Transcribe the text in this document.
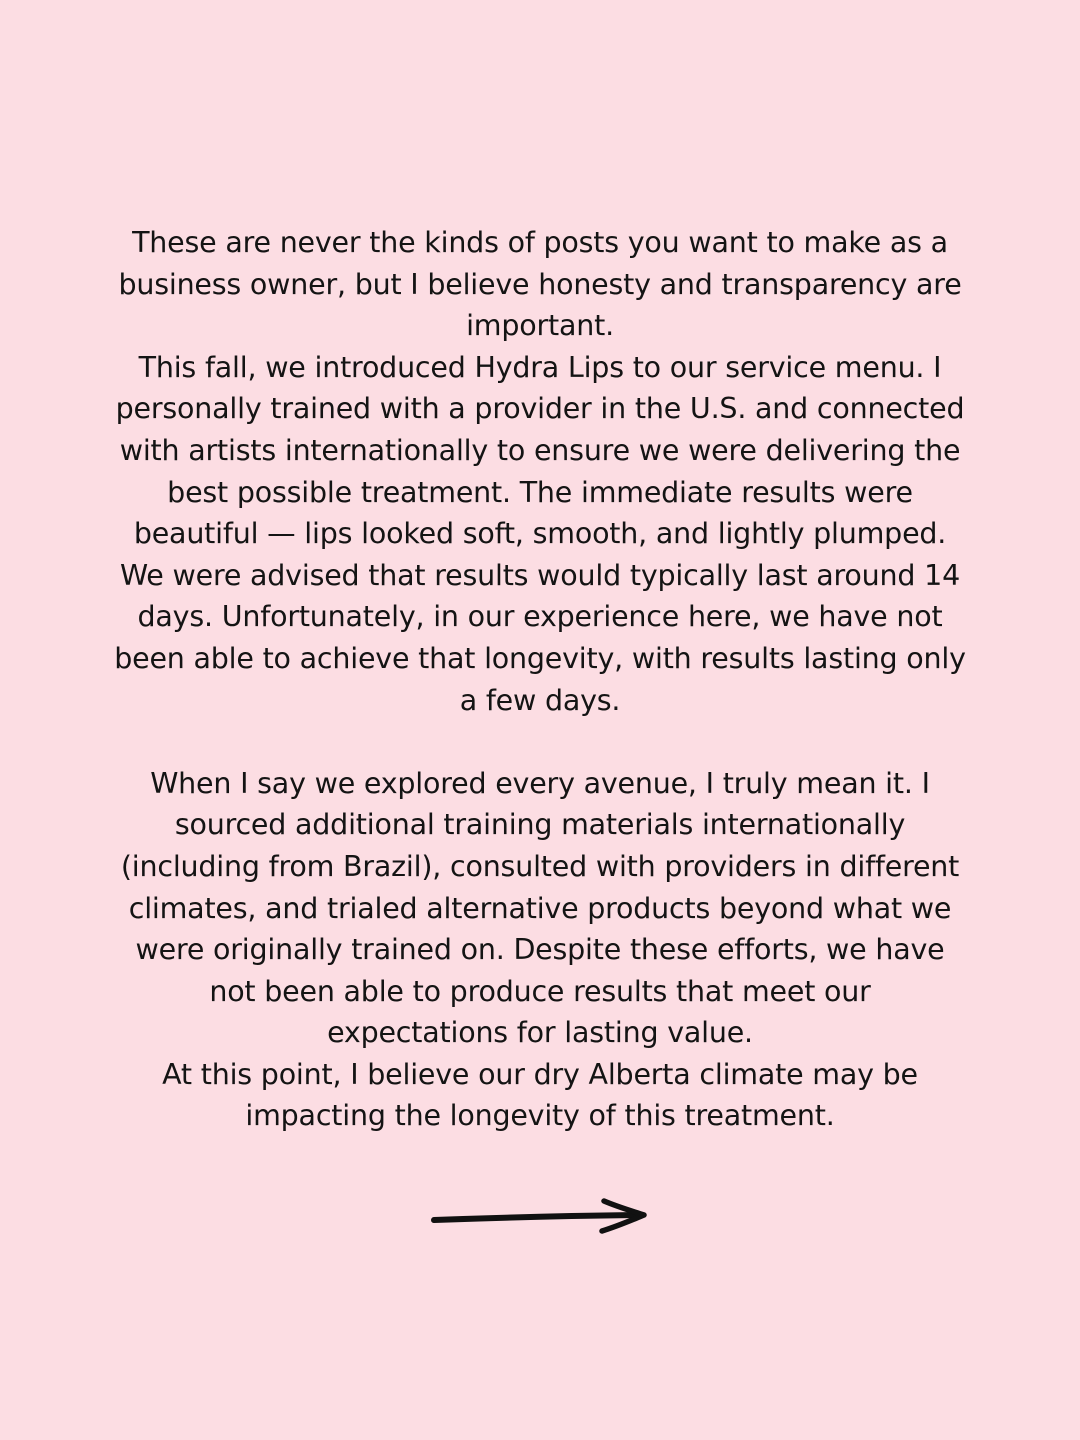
These are never the kinds of posts you want to make as a
business owner, but I believe honesty and transparency are
important.

This fall, we introduced Hydra Lips to our service menu. I
personally trained with a provider in the U.S. and connected
with artists internationally to ensure we were delivering the
best possible treatment. The immediate results were
beautiful — lips looked soft, smooth, and lightly plumped.
We were advised that results would typically last around 14
days. Unfortunately, in our experience here, we have not
been able to achieve that longevity, with results lasting only
a few days.

When I say we explored every avenue, I truly mean it. I
sourced additional training materials internationally
(including from Brazil), consulted with providers in different
climates, and trialed alternative products beyond what we
were originally trained on. Despite these efforts, we have
not been able to produce results that meet our
expectations for lasting value.

At this point, I believe our dry Alberta climate may be
impacting the longevity of this treatment.
